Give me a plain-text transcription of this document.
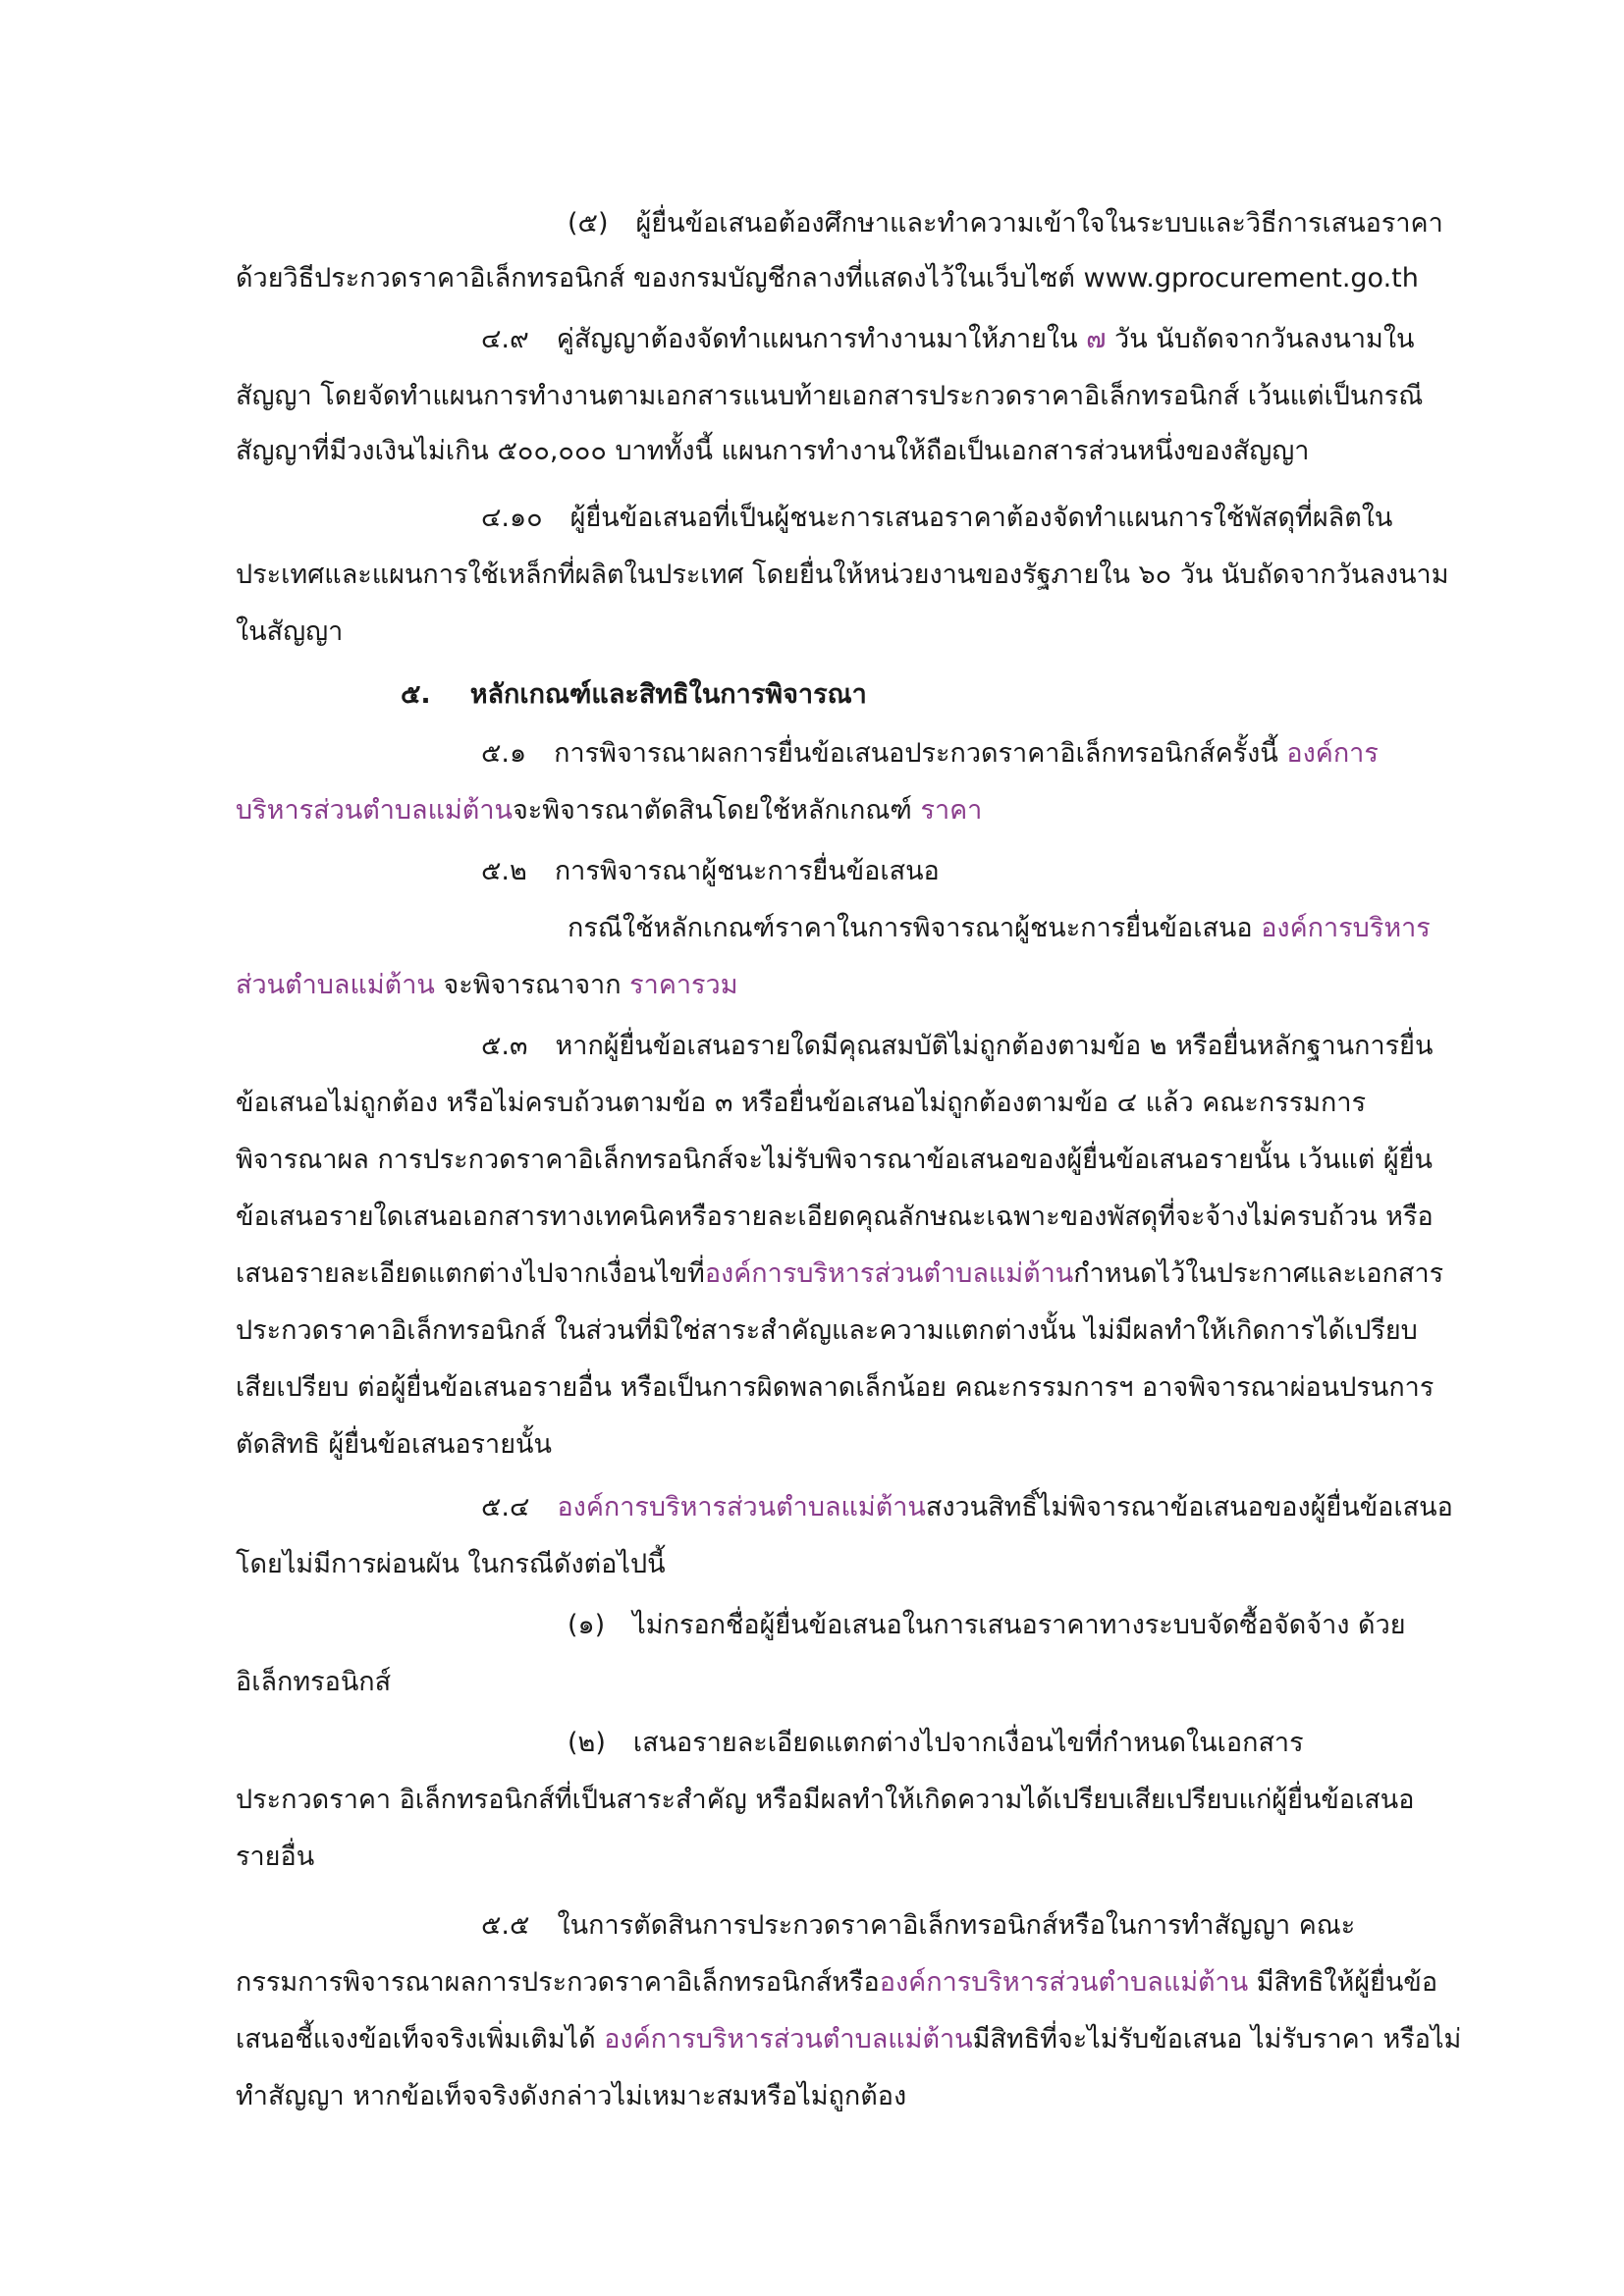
(๕) ผู้ยื่นข้อเสนอต้องศึกษาและทำความเข้าใจในระบบและวิธีการเสนอราคา
ด้วยวิธีประกวดราคาอิเล็กทรอนิกส์ ของกรมบัญชีกลางที่แสดงไว้ในเว็บไซต์ www.gprocurement.go.th
๔.๙ คู่สัญญาต้องจัดทำแผนการทำงานมาให้ภายใน ๗ วัน นับถัดจากวันลงนามใน
สัญญา โดยจัดทำแผนการทำงานตามเอกสารแนบท้ายเอกสารประกวดราคาอิเล็กทรอนิกส์ เว้นแต่เป็นกรณี
สัญญาที่มีวงเงินไม่เกิน ๕๐๐,๐๐๐ บาททั้งนี้ แผนการทำงานให้ถือเป็นเอกสารส่วนหนึ่งของสัญญา
๔.๑๐ ผู้ยื่นข้อเสนอที่เป็นผู้ชนะการเสนอราคาต้องจัดทำแผนการใช้พัสดุที่ผลิตใน
ประเทศและแผนการใช้เหล็กที่ผลิตในประเทศ โดยยื่นให้หน่วยงานของรัฐภายใน ๖๐ วัน นับถัดจากวันลงนาม
ในสัญญา
๕. หลักเกณฑ์และสิทธิในการพิจารณา
๕.๑ การพิจารณาผลการยื่นข้อเสนอประกวดราคาอิเล็กทรอนิกส์ครั้งนี้ องค์การ
บริหารส่วนตำบลแม่ต้านจะพิจารณาตัดสินโดยใช้หลักเกณฑ์ ราคา
๕.๒ การพิจารณาผู้ชนะการยื่นข้อเสนอ
กรณีใช้หลักเกณฑ์ราคาในการพิจารณาผู้ชนะการยื่นข้อเสนอ องค์การบริหาร
ส่วนตำบลแม่ต้าน จะพิจารณาจาก ราคารวม
๕.๓ หากผู้ยื่นข้อเสนอรายใดมีคุณสมบัติไม่ถูกต้องตามข้อ ๒ หรือยื่นหลักฐานการยื่น
ข้อเสนอไม่ถูกต้อง หรือไม่ครบถ้วนตามข้อ ๓ หรือยื่นข้อเสนอไม่ถูกต้องตามข้อ ๔ แล้ว คณะกรรมการ
พิจารณาผล การประกวดราคาอิเล็กทรอนิกส์จะไม่รับพิจารณาข้อเสนอของผู้ยื่นข้อเสนอรายนั้น เว้นแต่ ผู้ยื่น
ข้อเสนอรายใดเสนอเอกสารทางเทคนิคหรือรายละเอียดคุณลักษณะเฉพาะของพัสดุที่จะจ้างไม่ครบถ้วน หรือ
เสนอรายละเอียดแตกต่างไปจากเงื่อนไขที่องค์การบริหารส่วนตำบลแม่ต้านกำหนดไว้ในประกาศและเอกสาร
ประกวดราคาอิเล็กทรอนิกส์ ในส่วนที่มิใช่สาระสำคัญและความแตกต่างนั้น ไม่มีผลทำให้เกิดการได้เปรียบ
เสียเปรียบ ต่อผู้ยื่นข้อเสนอรายอื่น หรือเป็นการผิดพลาดเล็กน้อย คณะกรรมการฯ อาจพิจารณาผ่อนปรนการ
ตัดสิทธิ ผู้ยื่นข้อเสนอรายนั้น
๕.๔ องค์การบริหารส่วนตำบลแม่ต้านสงวนสิทธิ์ไม่พิจารณาข้อเสนอของผู้ยื่นข้อเสนอ
โดยไม่มีการผ่อนผัน ในกรณีดังต่อไปนี้
(๑) ไม่กรอกชื่อผู้ยื่นข้อเสนอในการเสนอราคาทางระบบจัดซื้อจัดจ้าง ด้วย
อิเล็กทรอนิกส์
(๒) เสนอรายละเอียดแตกต่างไปจากเงื่อนไขที่กำหนดในเอกสาร
ประกวดราคา อิเล็กทรอนิกส์ที่เป็นสาระสำคัญ หรือมีผลทำให้เกิดความได้เปรียบเสียเปรียบแก่ผู้ยื่นข้อเสนอ
รายอื่น
๕.๕ ในการตัดสินการประกวดราคาอิเล็กทรอนิกส์หรือในการทำสัญญา คณะ
กรรมการพิจารณาผลการประกวดราคาอิเล็กทรอนิกส์หรือองค์การบริหารส่วนตำบลแม่ต้าน มีสิทธิให้ผู้ยื่นข้อ
เสนอชี้แจงข้อเท็จจริงเพิ่มเติมได้ องค์การบริหารส่วนตำบลแม่ต้านมีสิทธิที่จะไม่รับข้อเสนอ ไม่รับราคา หรือไม่
ทำสัญญา หากข้อเท็จจริงดังกล่าวไม่เหมาะสมหรือไม่ถูกต้อง
